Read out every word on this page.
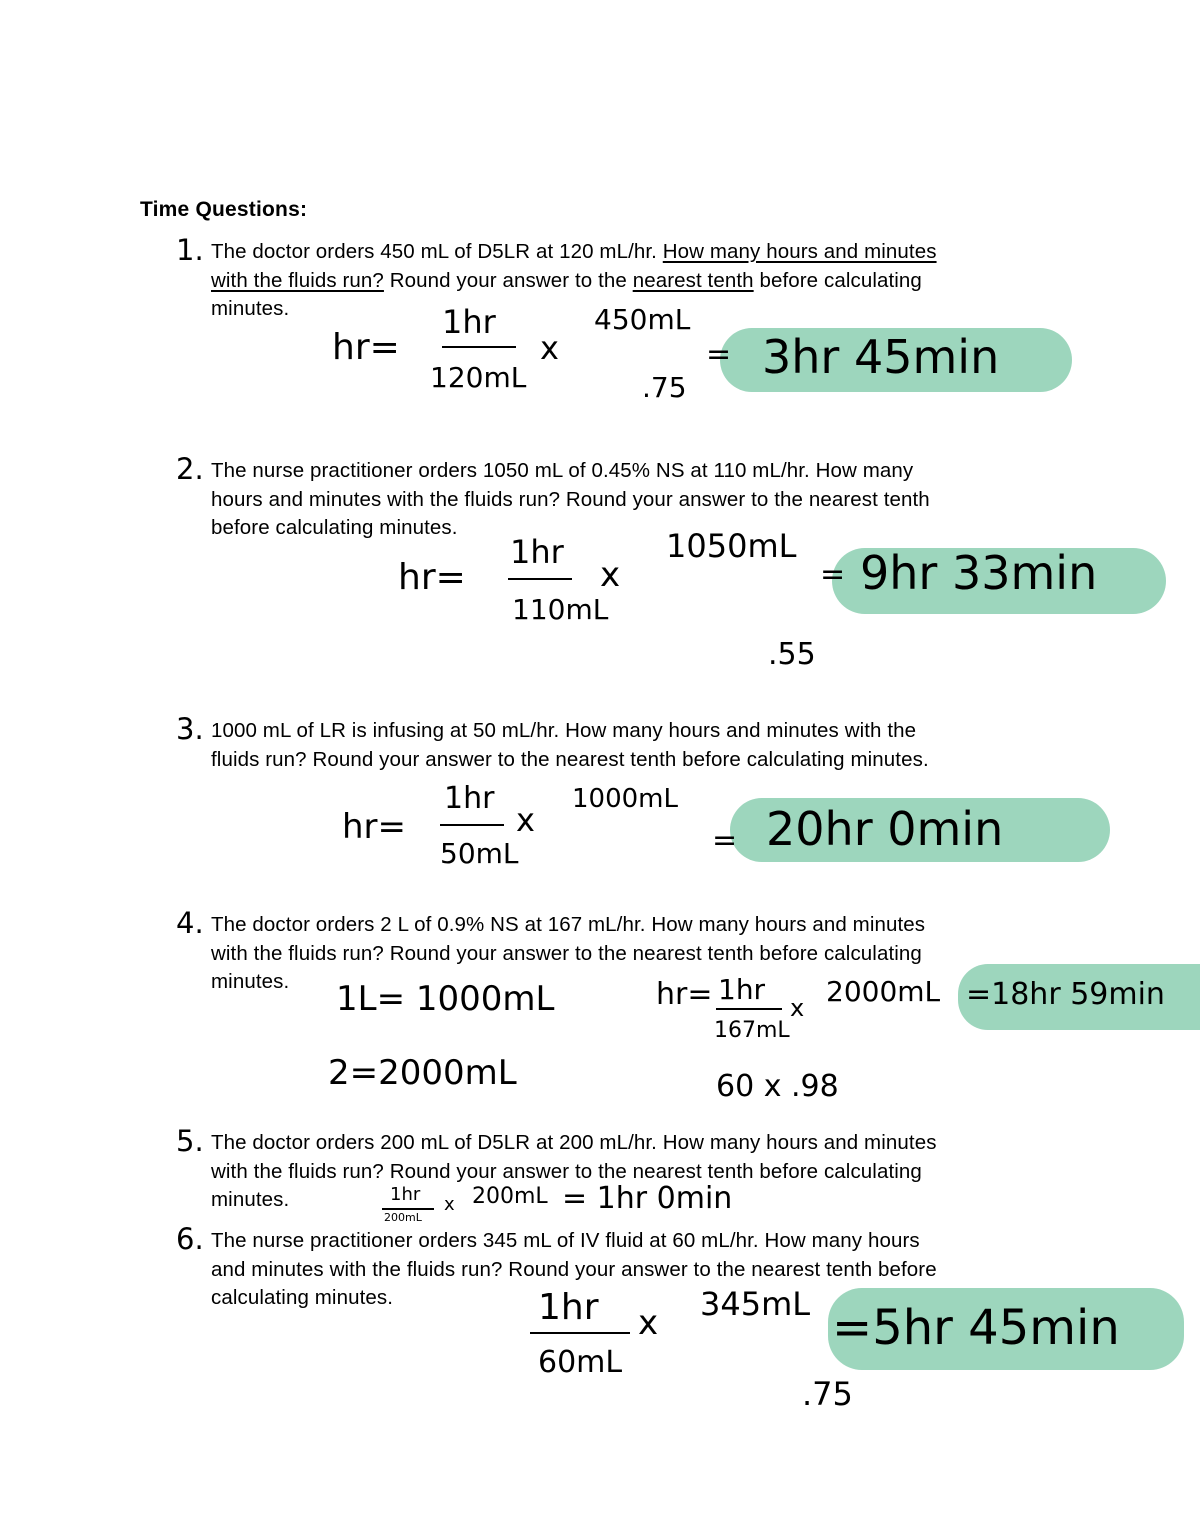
Time Questions:
1. The doctor orders 450 mL of D5LR at 120 mL/hr. How many hours and minutes
with the fluids run? Round your answer to the nearest tenth before calculating
minutes.
hr=
1hr
120mL
x
450mL
= 3hr 45min
.75
2. The nurse practitioner orders 1050 mL of 0.45% NS at 110 mL/hr. How many
hours and minutes with the fluids run? Round your answer to the nearest tenth
before calculating minutes.
hr=
1hr
110mL
x
1050mL
= 9hr 33min
.55
3. 1000 mL of LR is infusing at 50 mL/hr. How many hours and minutes with the
fluids run? Round your answer to the nearest tenth before calculating minutes.
hr=
1hr
50mL
x
1000mL
= 20hr 0min
4. The doctor orders 2 L of 0.9% NS at 167 mL/hr. How many hours and minutes
with the fluids run? Round your answer to the nearest tenth before calculating
minutes.	1L= 1000mL
2=2000mL
hr= 1hr
167mL
x 2000mL =18hr 59min
60 x .98
5. The doctor orders 200 mL of D5LR at 200 mL/hr. How many hours and minutes
with the fluids run? Round your answer to the nearest tenth before calculating
minutes.	1hr
200mL
x 200mL = 1hr 0min
6. The nurse practitioner orders 345 mL of IV fluid at 60 mL/hr. How many hours
and minutes with the fluids run? Round your answer to the nearest tenth before
calculating minutes.	1hr
60mL
x 345mL =5hr 45min
.75
